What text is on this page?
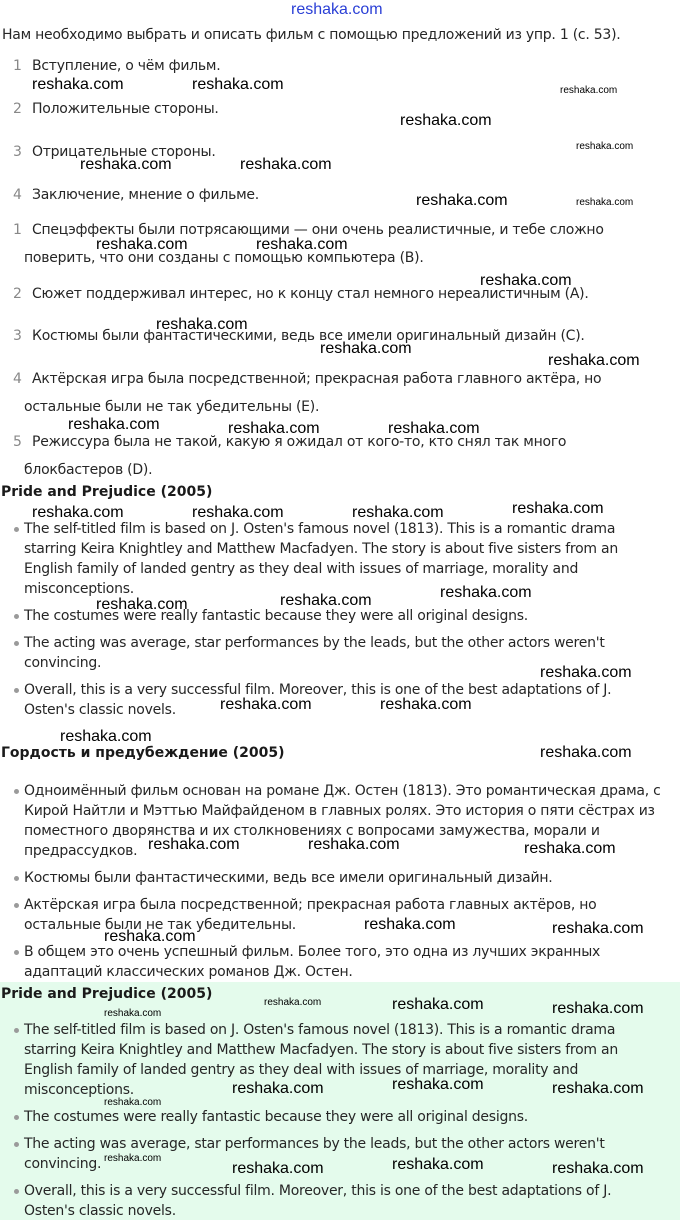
reshaka.com
Нам необходимо выбрать и описать фильм с помощью предложений из упр. 1 (с. 53).
1 Вступление, о чём фильм.
2 Положительные стороны.
3 Отрицательные стороны.
4 Заключение, мнение о фильме.
1 Спецэффекты были потрясающими — они очень реалистичные, и тебе сложно
поверить, что они созданы с помощью компьютера (B).
2 Сюжет поддерживал интерес, но к концу стал немного нереалистичным (A).
3 Костюмы были фантастическими, ведь все имели оригинальный дизайн (C).
4 Актёрская игра была посредственной; прекрасная работа главного актёра, но
остальные были не так убедительны (E).
5 Режиссура была не такой, какую я ожидал от кого-то, кто снял так много
блокбастеров (D).
Pride and Prejudice (2005)
The self-titled film is based on J. Osten's famous novel (1813). This is a romantic drama
starring Keira Knightley and Matthew Macfadyen. The story is about five sisters from an
English family of landed gentry as they deal with issues of marriage, morality and
misconceptions.
The costumes were really fantastic because they were all original designs.
The acting was average, star performances by the leads, but the other actors weren't
convincing.
Overall, this is a very successful film. Moreover, this is one of the best adaptations of J.
Osten's classic novels.
Гордость и предубеждение (2005)
Одноимённый фильм основан на романе Дж. Остен (1813). Это романтическая драма, с
Кирой Найтли и Мэттью Майфайденом в главных ролях. Это история о пяти сёстрах из
поместного дворянства и их столкновениях с вопросами замужества, морали и
предрассудков.
Костюмы были фантастическими, ведь все имели оригинальный дизайн.
Актёрская игра была посредственной; прекрасная работа главных актёров, но
остальные были не так убедительны.
В общем это очень успешный фильм. Более того, это одна из лучших экранных
адаптаций классических романов Дж. Остен.
Pride and Prejudice (2005)
The self-titled film is based on J. Osten's famous novel (1813). This is a romantic drama
starring Keira Knightley and Matthew Macfadyen. The story is about five sisters from an
English family of landed gentry as they deal with issues of marriage, morality and
misconceptions.
The costumes were really fantastic because they were all original designs.
The acting was average, star performances by the leads, but the other actors weren't
convincing.
Overall, this is a very successful film. Moreover, this is one of the best adaptations of J.
Osten's classic novels.
reshaka.com	reshaka.com	reshaka.com
reshaka.com
reshaka.com
reshaka.com	reshaka.com
reshaka.com	reshaka.com
reshaka.com	reshaka.com
reshaka.com
reshaka.com
reshaka.com
reshaka.com
reshaka.com	reshaka.com	reshaka.com
reshaka.com	reshaka.com	reshaka.com	reshaka.com
reshaka.com
reshaka.com	reshaka.com
reshaka.com
reshaka.com	reshaka.com
reshaka.com
reshaka.com
reshaka.com	reshaka.com	reshaka.com
reshaka.com	reshaka.com
reshaka.com
reshaka.com	reshaka.com	reshaka.com
reshaka.com
reshaka.com	reshaka.com	reshaka.com
reshaka.com
reshaka.com
reshaka.com	reshaka.com	reshaka.com
